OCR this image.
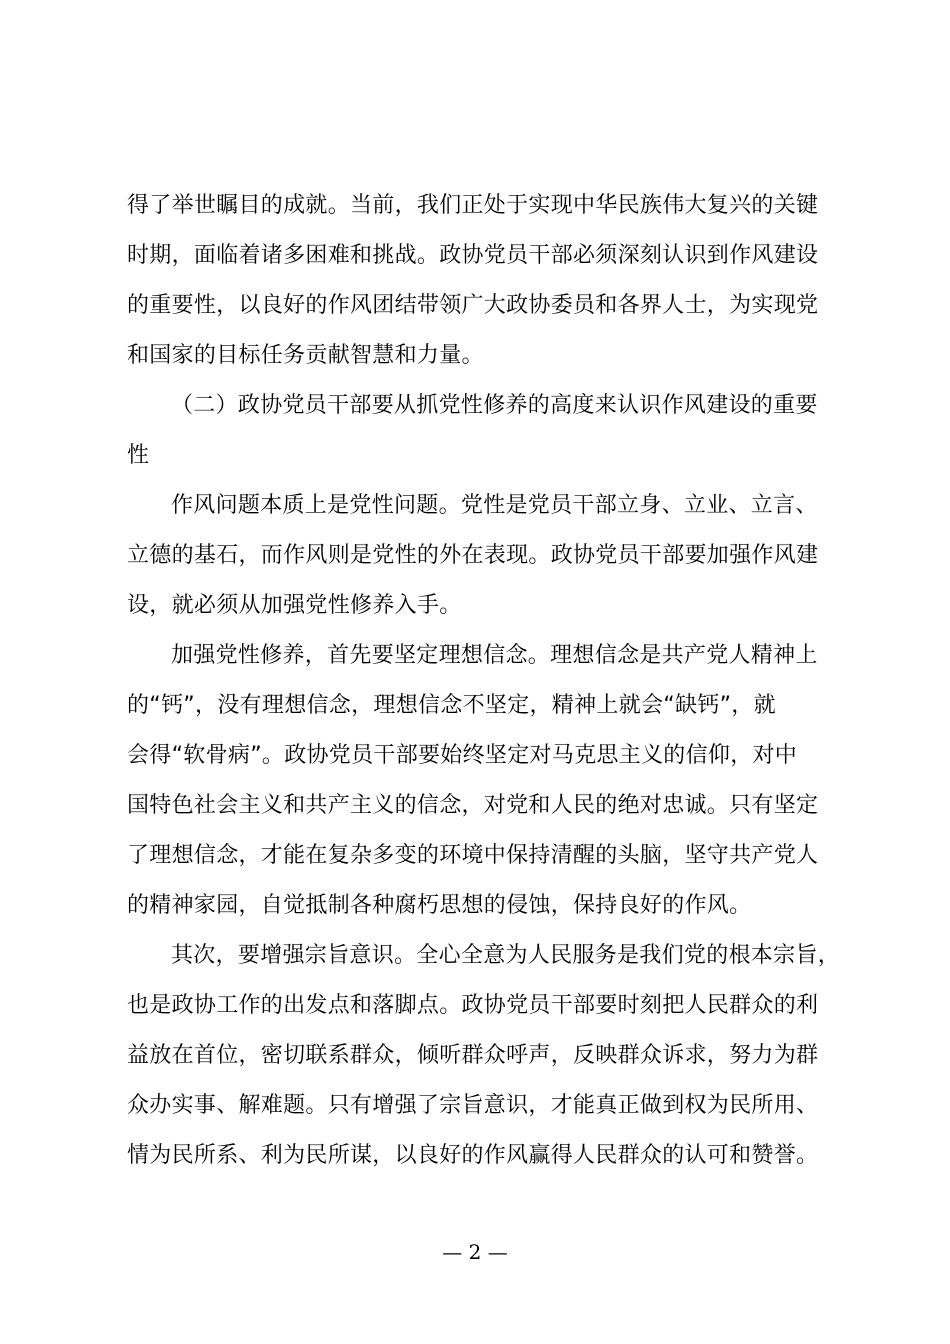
得了举世瞩目的成就。当前，我们正处于实现中华民族伟大复兴的关键
时期，面临着诸多困难和挑战。政协党员干部必须深刻认识到作风建设
的重要性，以良好的作风团结带领广大政协委员和各界人士，为实现党
和国家的目标任务贡献智慧和力量。
（二）政协党员干部要从抓党性修养的高度来认识作风建设的重要
性
作风问题本质上是党性问题。党性是党员干部立身、立业、立言、
立德的基石，而作风则是党性的外在表现。政协党员干部要加强作风建
设，就必须从加强党性修养入手。
加强党性修养，首先要坚定理想信念。理想信念是共产党人精神上
的“钙”，没有理想信念，理想信念不坚定，精神上就会“缺钙”，就
会得“软骨病”。政协党员干部要始终坚定对马克思主义的信仰，对中
国特色社会主义和共产主义的信念，对党和人民的绝对忠诚。只有坚定
了理想信念，才能在复杂多变的环境中保持清醒的头脑，坚守共产党人
的精神家园，自觉抵制各种腐朽思想的侵蚀，保持良好的作风。
其次，要增强宗旨意识。全心全意为人民服务是我们党的根本宗旨，
也是政协工作的出发点和落脚点。政协党员干部要时刻把人民群众的利
益放在首位，密切联系群众，倾听群众呼声，反映群众诉求，努力为群
众办实事、解难题。只有增强了宗旨意识，才能真正做到权为民所用、
情为民所系、利为民所谋，以良好的作风赢得人民群众的认可和赞誉。
— 2 —
